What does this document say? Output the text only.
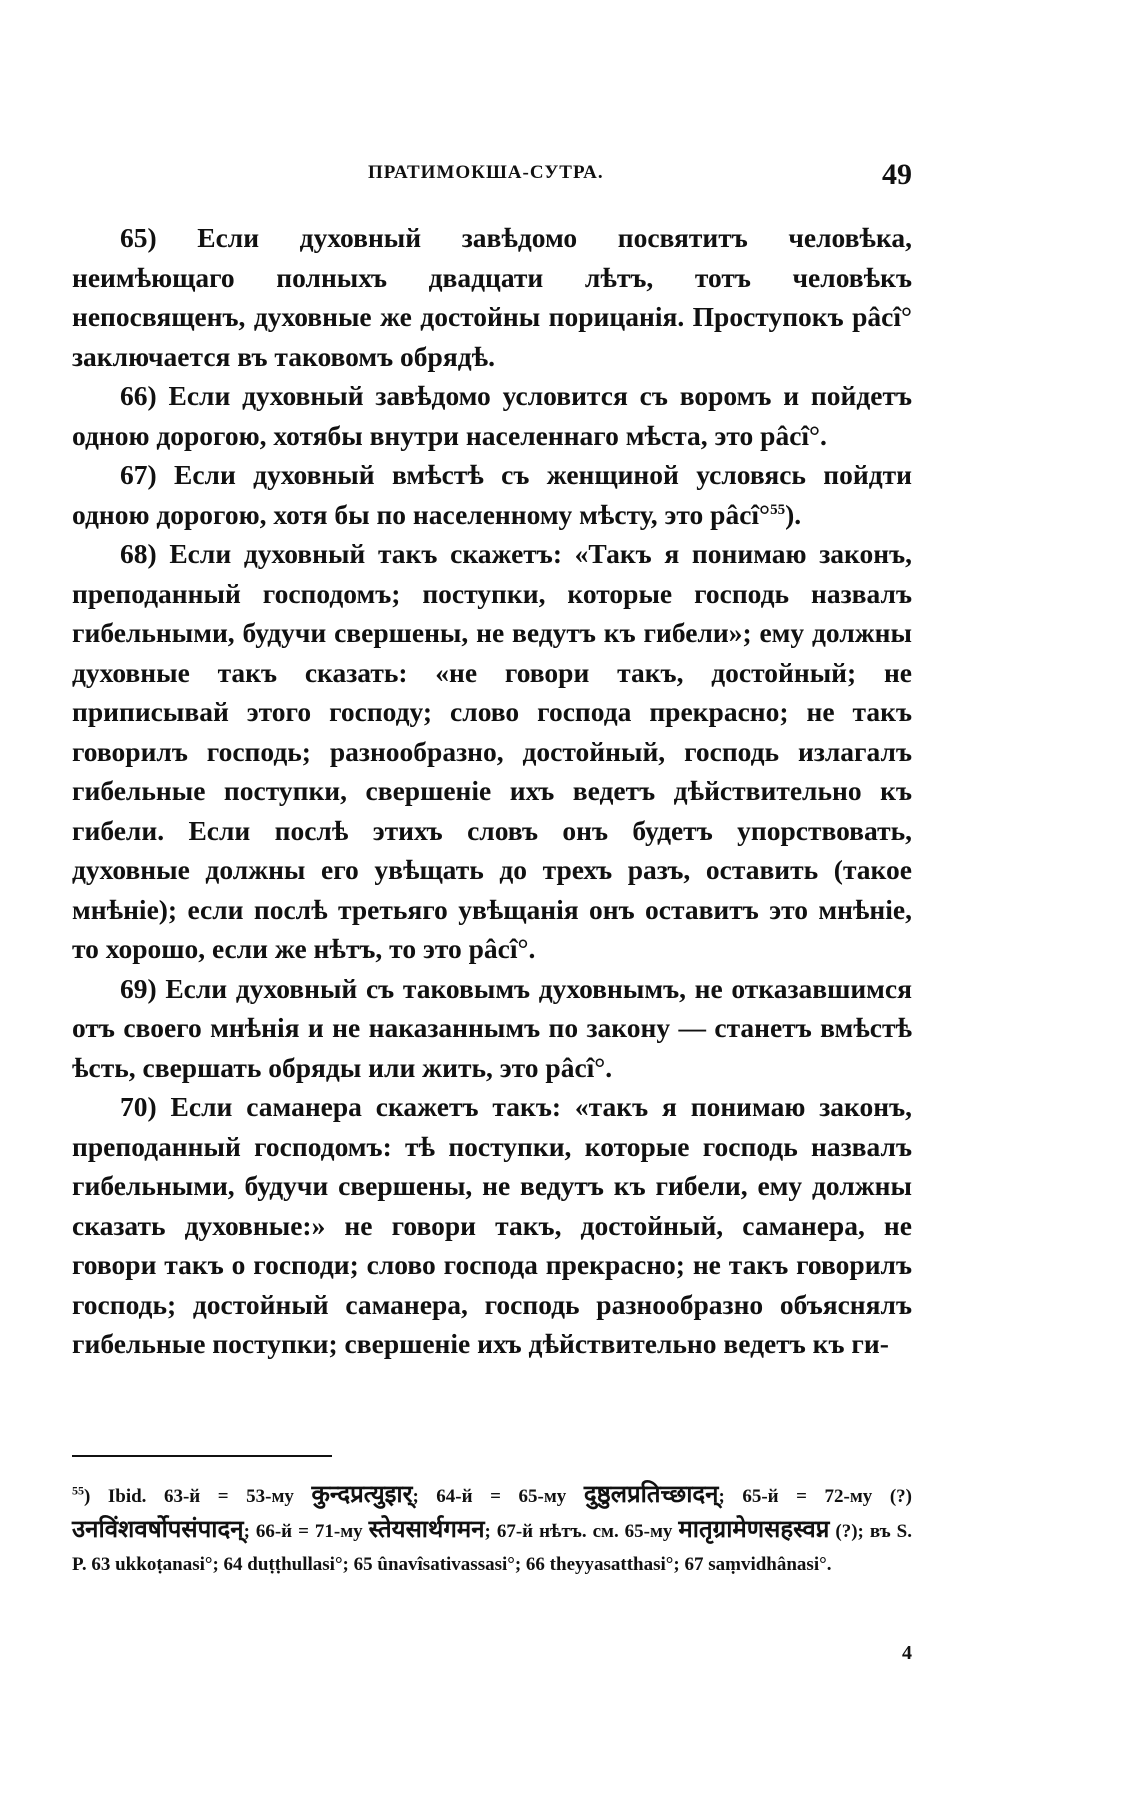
ПРАТИМОКША-СУТРА.	49

65) Если духовный завѣдомо посвятитъ человѣка, неимѣющаго полныхъ двадцати лѣтъ, тотъ человѣкъ непосвященъ, духовные же достойны порицанія. Проступокъ pâcî° заключается въ таковомъ обрядѣ.

66) Если духовный завѣдомо условится съ воромъ и пойдетъ одною дорогою, хотябы внутри населеннаго мѣста, это pâcî°.

67) Если духовный вмѣстѣ съ женщиной условясь пойдти одною дорогою, хотя бы по населенному мѣсту, это pâcî°$^{55}$).

68) Если духовный такъ скажетъ: «Такъ я понимаю законъ, преподанный господомъ; поступки, которые господь назвалъ гибельными, будучи свершены, не ведутъ къ гибели»; ему должны духовные такъ сказать: «не говори такъ, достойный; не приписывай этого господу; слово господа прекрасно; не такъ говорилъ господь; разнообразно, достойный, господь излагалъ гибельные поступки, свершеніе ихъ ведетъ дѣйствительно къ гибели. Если послѣ этихъ словъ онъ будетъ упорствовать, духовные должны его увѣщать до трехъ разъ, оставить (такое мнѣніе); если послѣ третьяго увѣщанія онъ оставитъ это мнѣніе, то хорошо, если же нѣтъ, то это pâcî°.

69) Если духовный съ таковымъ духовнымъ, не отказавшимся отъ своего мнѣнія и не наказаннымъ по закону — станетъ вмѣстѣ ѣсть, свершать обряды или жить, это pâcî°.

70) Если саманера скажетъ такъ: «такъ я понимаю законъ, преподанный господомъ: тѣ поступки, которые господь назвалъ гибельными, будучи свершены, не ведутъ къ гибели, ему должны сказать духовные:» не говори такъ, достойный, саманера, не говори такъ о господи; слово господа прекрасно; не такъ говорилъ господь; достойный саманера, господь разнообразно объяснялъ гибельные поступки; свершеніе ихъ дѣйствительно ведетъ къ ги-

$^{55}$) Ibid. 63-й = 53-му कुन्दप्रत्युइार्; 64-й = 65-му दुष्ठुलप्रतिच्छादन्; 65-й = 72-му (?) उनविंशवर्षोपसंपादन्; 66-й = 71-му स्तेयसार्थगमन; 67-й нѣтъ. см. 65-му मातृग्रामेणसहस्वप्न (?); въ S. P. 63 ukkoṭanasi°; 64 duṭṭhullasi°; 65 ûnavîsativassasi°; 66 theyyasatthasi°; 67 saṃvidhânasi°.
4
